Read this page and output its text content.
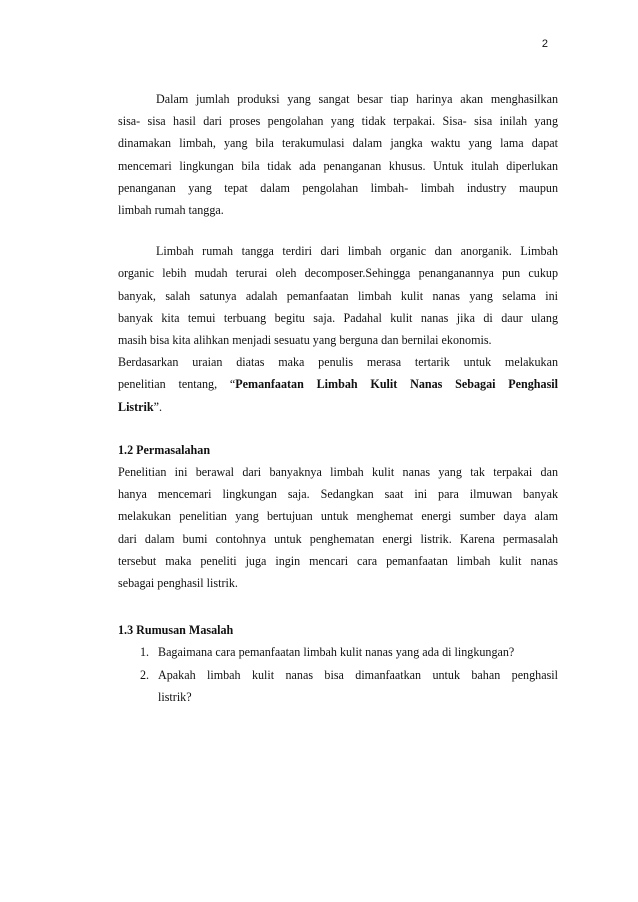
2

Dalam jumlah produksi yang sangat besar tiap harinya akan menghasilkan

sisa- sisa hasil dari proses pengolahan yang tidak terpakai. Sisa- sisa inilah yang

dinamakan limbah, yang bila terakumulasi dalam jangka waktu yang lama dapat

mencemari lingkungan bila tidak ada penanganan khusus. Untuk itulah diperlukan

penanganan yang tepat dalam pengolahan limbah- limbah industry maupun

limbah rumah tangga.

Limbah rumah tangga terdiri dari limbah organic dan anorganik. Limbah

organic lebih mudah terurai oleh decomposer.Sehingga penanganannya pun cukup

banyak, salah satunya adalah pemanfaatan limbah kulit nanas yang selama ini

banyak kita temui terbuang begitu saja. Padahal kulit nanas jika di daur ulang

masih bisa kita alihkan menjadi sesuatu yang berguna dan bernilai ekonomis.

Berdasarkan uraian diatas maka penulis merasa tertarik untuk melakukan

penelitian tentang, “Pemanfaatan Limbah Kulit Nanas Sebagai Penghasil

Listrik”.

1.2 Permasalahan

Penelitian ini berawal dari banyaknya limbah kulit nanas yang tak terpakai dan

hanya mencemari lingkungan saja. Sedangkan saat ini para ilmuwan banyak

melakukan penelitian yang bertujuan untuk menghemat energi sumber daya alam

dari dalam bumi contohnya untuk penghematan energi listrik. Karena permasalah

tersebut maka peneliti juga ingin mencari cara pemanfaatan limbah kulit nanas

sebagai penghasil listrik.

1.3 Rumusan Masalah
1. Bagaimana cara pemanfaatan limbah kulit nanas yang ada di lingkungan?

2. Apakah limbah kulit nanas bisa dimanfaatkan untuk bahan penghasil

listrik?
